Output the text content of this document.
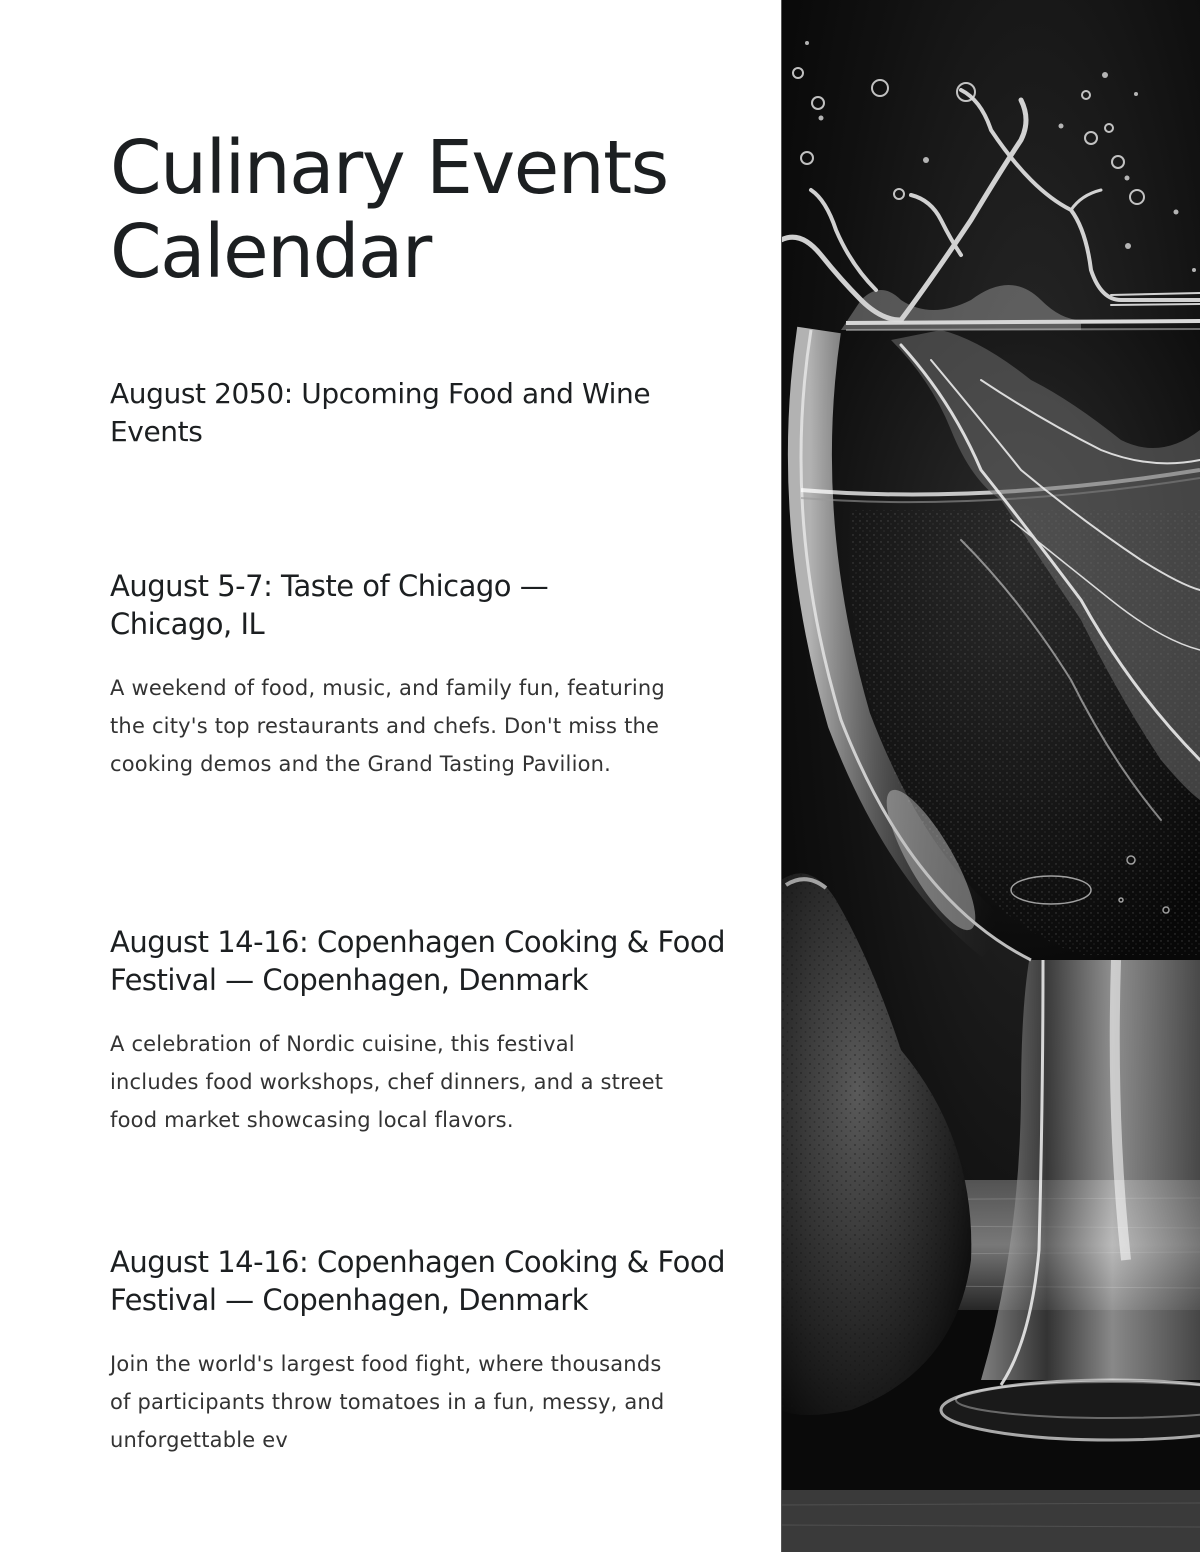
Culinary Events Calendar
August 2050: Upcoming Food and Wine Events
August 5-7: Taste of Chicago — Chicago, IL

A weekend of food, music, and family fun, featuring the city's top restaurants and chefs. Don't miss the cooking demos and the Grand Tasting Pavilion.

August 14-16: Copenhagen Cooking & Food Festival — Copenhagen, Denmark

A celebration of Nordic cuisine, this festival includes food workshops, chef dinners, and a street food market showcasing local flavors.

August 14-16: Copenhagen Cooking & Food Festival — Copenhagen, Denmark

Join the world's largest food fight, where thousands of participants throw tomatoes in a fun, messy, and unforgettable ev
